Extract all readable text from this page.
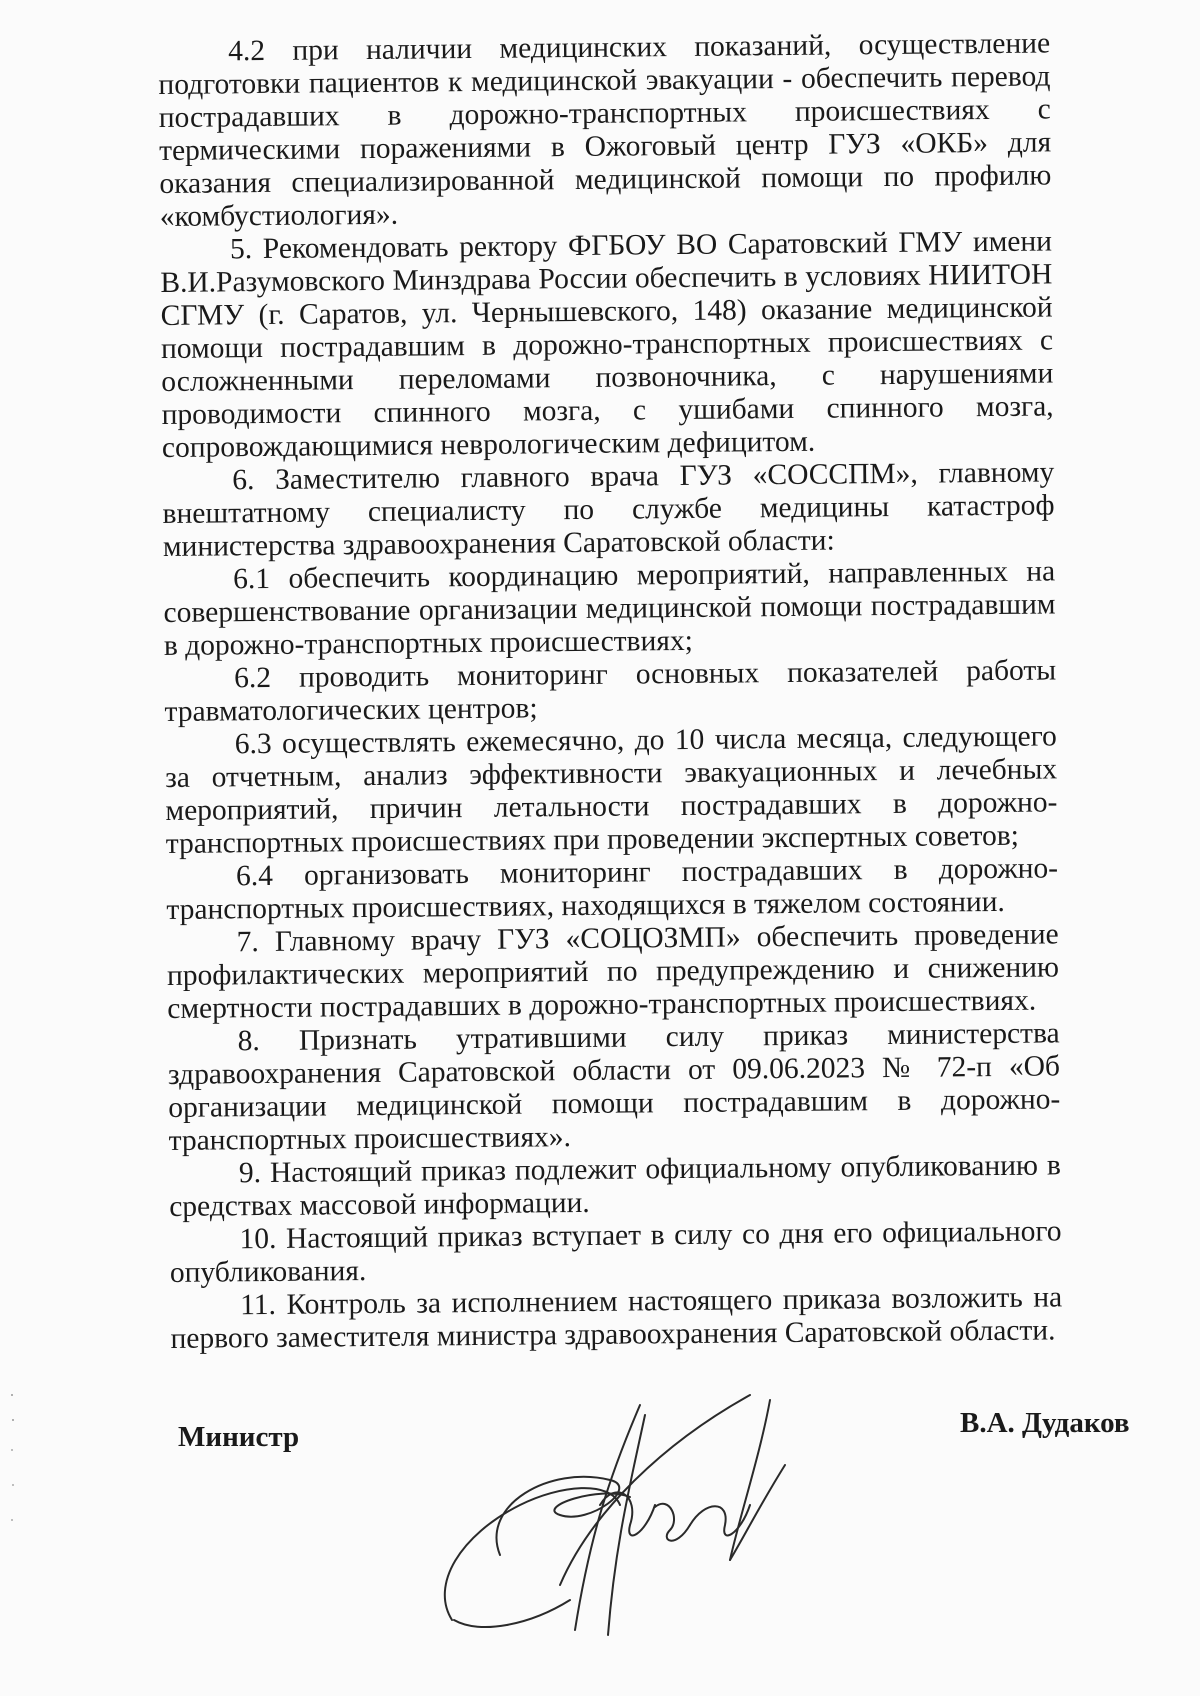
4.2 при наличии медицинских показаний, осуществление подготовки пациентов к медицинской эвакуации - обеспечить перевод пострадавших в дорожно-транспортных происшествиях с термическими поражениями в Ожоговый центр ГУЗ «ОКБ» для оказания специализированной медицинской помощи по профилю «комбустиология».

5. Рекомендовать ректору ФГБОУ ВО Саратовский ГМУ имени В.И.Разумовского Минздрава России обеспечить в условиях НИИТОН СГМУ (г. Саратов, ул. Чернышевского, 148) оказание медицинской помощи пострадавшим в дорожно-транспортных происшествиях с осложненными переломами позвоночника, с нарушениями проводимости спинного мозга, с ушибами спинного мозга, сопровождающимися неврологическим дефицитом.

6. Заместителю главного врача ГУЗ «СОССПМ», главному внештатному специалисту по службе медицины катастроф министерства здравоохранения Саратовской области:

6.1 обеспечить координацию мероприятий, направленных на совершенствование организации медицинской помощи пострадавшим в дорожно-транспортных происшествиях;

6.2 проводить мониторинг основных показателей работы травматологических центров;

6.3 осуществлять ежемесячно, до 10 числа месяца, следующего за отчетным, анализ эффективности эвакуационных и лечебных мероприятий, причин летальности пострадавших в дорожно-транспортных происшествиях при проведении экспертных советов;

6.4 организовать мониторинг пострадавших в дорожно-транспортных происшествиях, находящихся в тяжелом состоянии.

7. Главному врачу ГУЗ «СОЦОЗМП» обеспечить проведение профилактических мероприятий по предупреждению и снижению смертности пострадавших в дорожно-транспортных происшествиях.

8. Признать утратившими силу приказ министерства здравоохранения Саратовской области от 09.06.2023 № 72-п «Об организации медицинской помощи пострадавшим в дорожно-транспортных происшествиях».

9. Настоящий приказ подлежит официальному опубликованию в средствах массовой информации.

10. Настоящий приказ вступает в силу со дня его официального опубликования.

11. Контроль за исполнением настоящего приказа возложить на первого заместителя министра здравоохранения Саратовской области.

Министр	В.А. Дудаков
